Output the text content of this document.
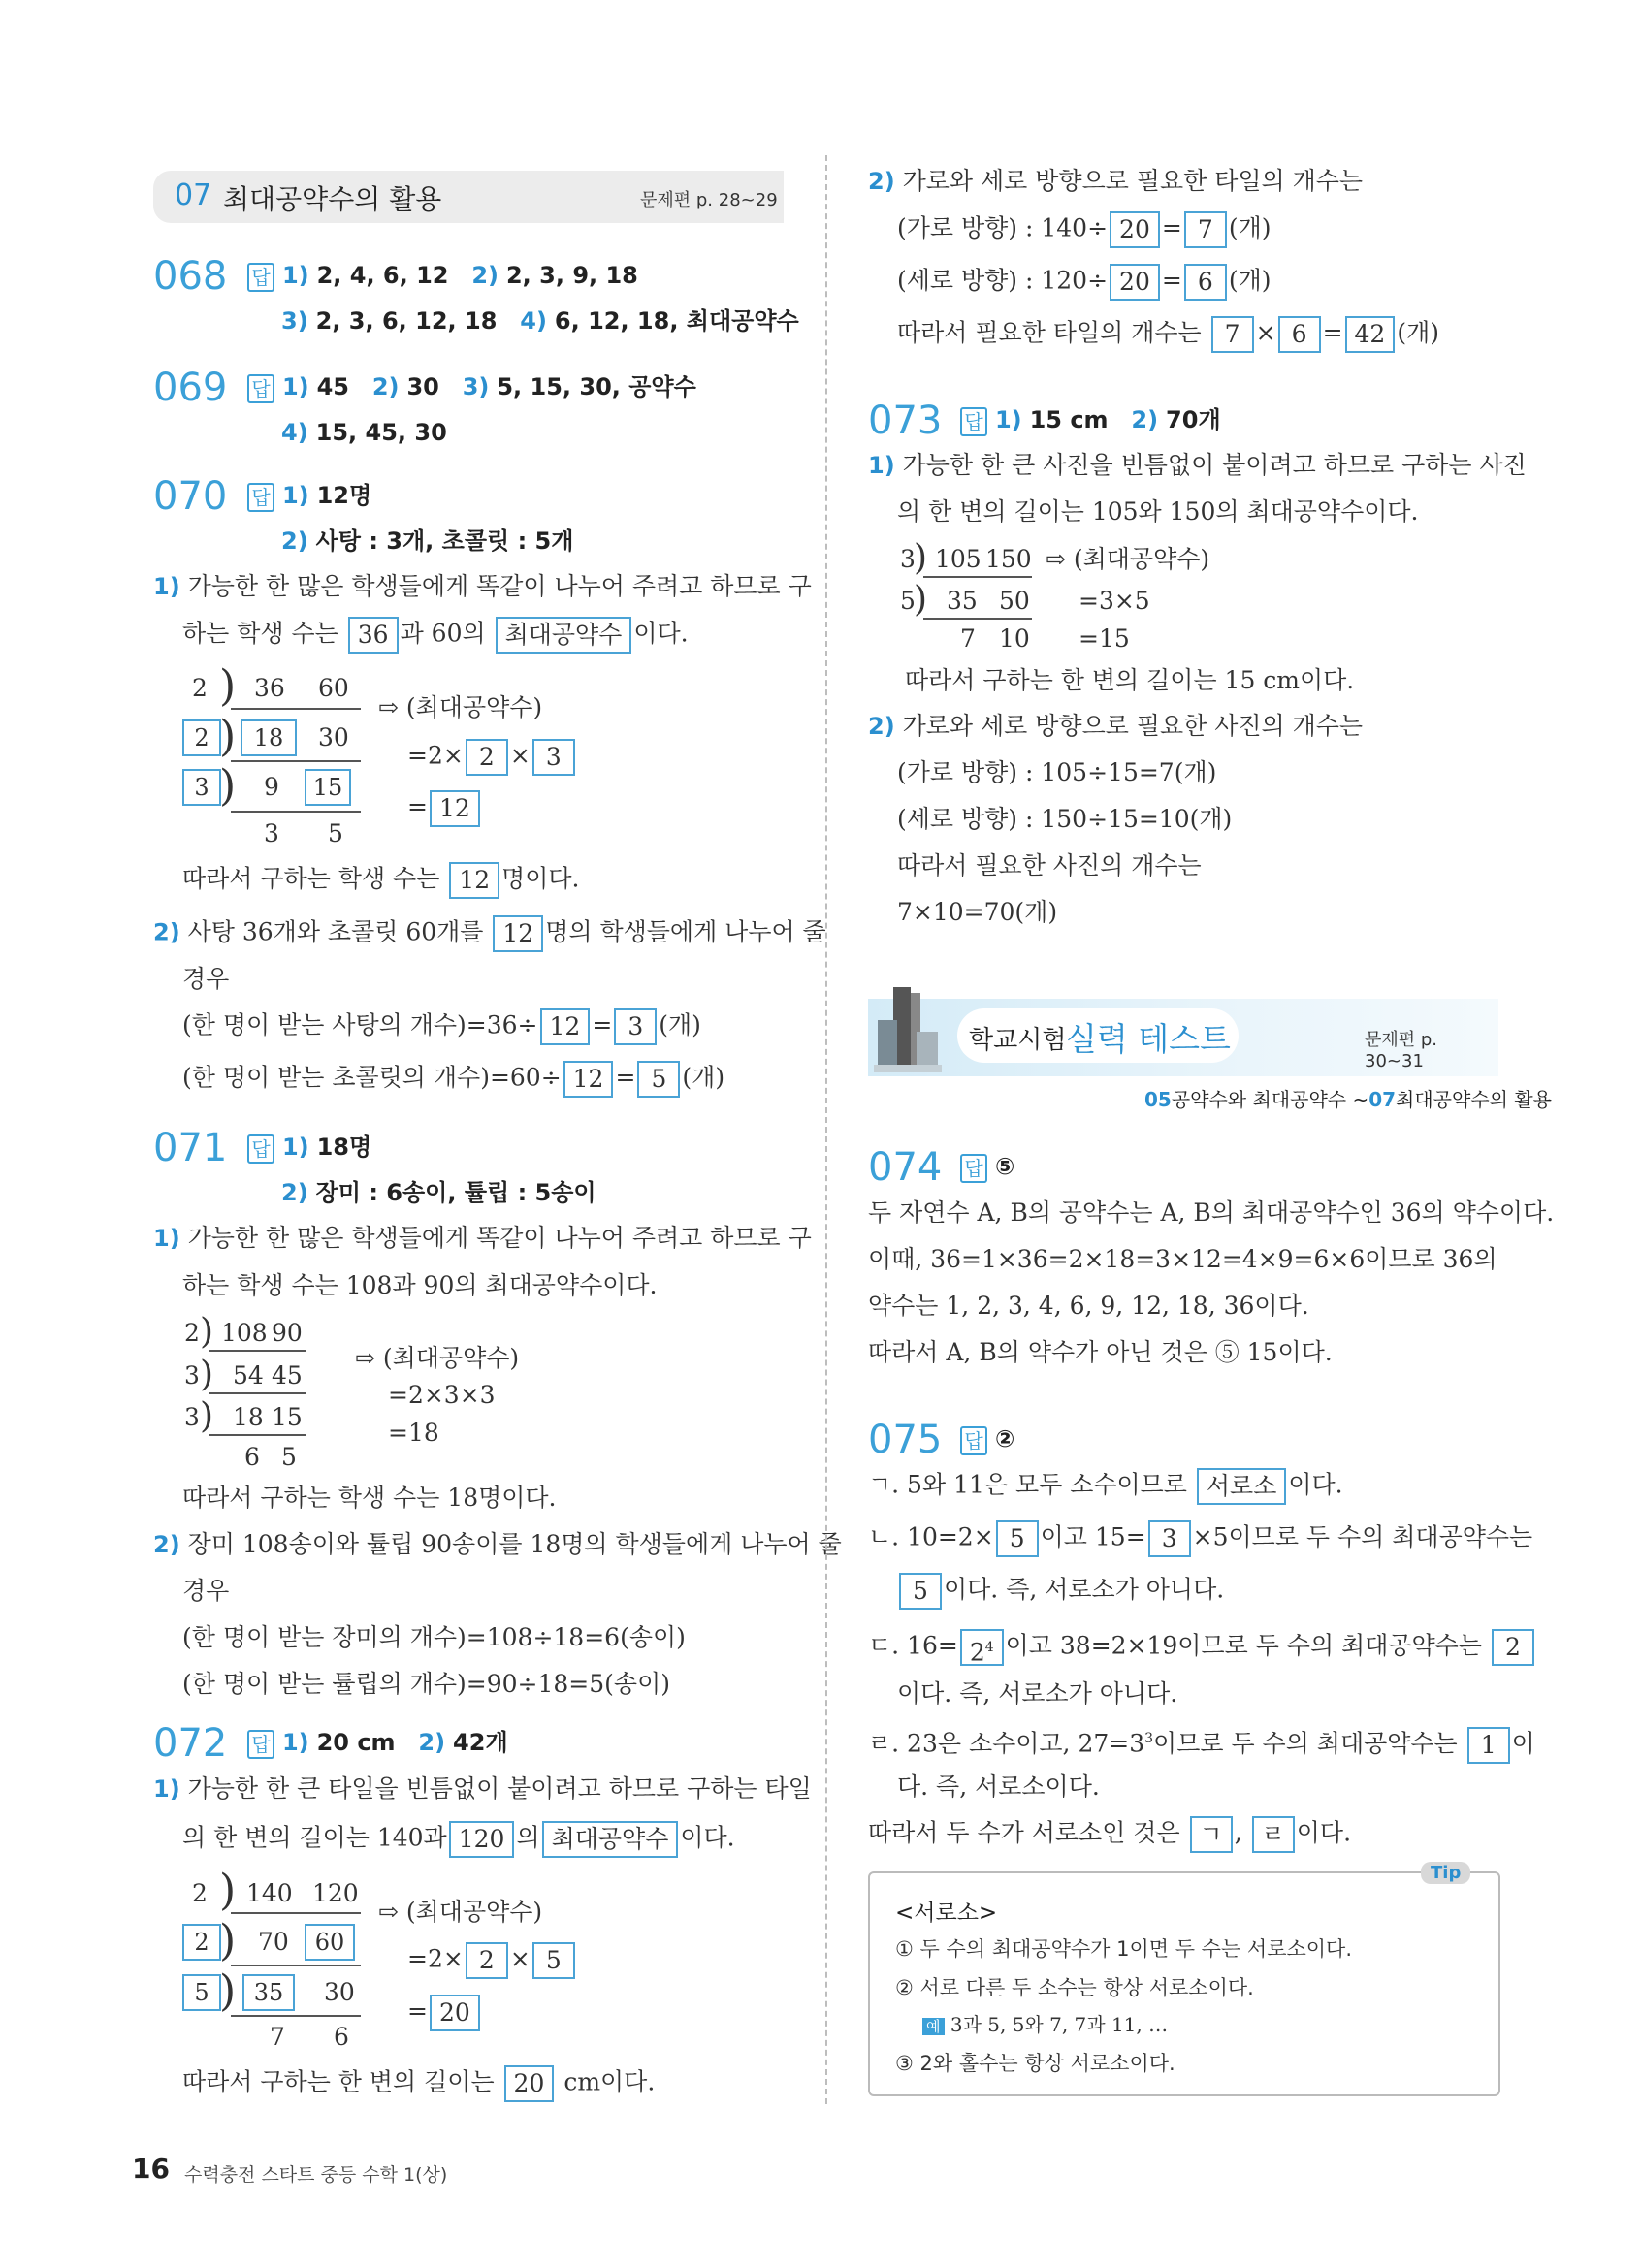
07 최대공약수의 활용	문제편 p. 28~29
068 답 1) 2, 4, 6, 12 2) 2, 3, 9, 18
3) 2, 3, 6, 12, 18 4) 6, 12, 18, 최대공약수
069 답 1) 45 2) 30 3) 5, 15, 30, 공약수
4) 15, 45, 30
070 답 1) 12명
2) 사탕 : 3개, 초콜릿 : 5개
1) 가능한 한 많은 학생들에게 똑같이 나누어 주려고 하므로 구
하는 학생 수는 36 과 60의 최대공약수 이다.
2 ) 36 60
2 ) 18	30
3 ) 9	15
3 5
⇨ (최대공약수)
=2× 2 × 3
= 12
따라서 구하는 학생 수는 12 명이다.
2) 사탕 36개와 초콜릿 60개를 12 명의 학생들에게 나누어 줄
경우
(한 명이 받는 사탕의 개수)=36÷ 12 = 3 (개)
(한 명이 받는 초콜릿의 개수)=60÷ 12 = 5 (개)
071 답 1) 18명
2) 장미 : 6송이, 튤립 : 5송이
1) 가능한 한 많은 학생들에게 똑같이 나누어 주려고 하므로 구
하는 학생 수는 108과 90의 최대공약수이다.
2 ) 108 90
3 ) 54 45
3 ) 18 15
6 5
⇨ (최대공약수)
=2×3×3
=18
따라서 구하는 학생 수는 18명이다.
2) 장미 108송이와 튤립 90송이를 18명의 학생들에게 나누어 줄
경우
(한 명이 받는 장미의 개수)=108÷18=6(송이)
(한 명이 받는 튤립의 개수)=90÷18=5(송이)
072 답 1) 20 cm 2) 42개
1) 가능한 한 큰 타일을 빈틈없이 붙이려고 하므로 구하는 타일
의 한 변의 길이는 140과 120 의 최대공약수 이다.
2 ) 140 120
2 ) 70	60
5 ) 35	30
7 6
⇨ (최대공약수)
=2× 2 × 5
= 20
따라서 구하는 한 변의 길이는 20 cm이다.
2) 가로와 세로 방향으로 필요한 타일의 개수는
(가로 방향) : 140÷ 20 = 7 (개)
(세로 방향) : 120÷ 20 = 6 (개)
따라서 필요한 타일의 개수는 7 × 6 = 42 (개)
073 답 1) 15 cm 2) 70개
1) 가능한 한 큰 사진을 빈틈없이 붙이려고 하므로 구하는 사진
의 한 변의 길이는 105와 150의 최대공약수이다.
3
) 105 150
5
) 35 50
7 10
⇨ (최대공약수)
=3×5
=15
따라서 구하는 한 변의 길이는 15 cm이다.
2) 가로와 세로 방향으로 필요한 사진의 개수는
(가로 방향) : 105÷15=7(개)
(세로 방향) : 150÷15=10(개)
따라서 필요한 사진의 개수는
7×10=70(개)
학교시험 실력 테스트	문제편 p. 30~31
05공약수와 최대공약수 ~07최대공약수의 활용
074 답 ⑤
두 자연수 A, B의 공약수는 A, B의 최대공약수인 36의 약수이다.
이때, 36=1×36=2×18=3×12=4×9=6×6이므로 36의
약수는 1, 2, 3, 4, 6, 9, 12, 18, 36이다.
따라서 A, B의 약수가 아닌 것은 ⑤ 15이다.
075 답 ②
ㄱ. 5와 11은 모두 소수이므로 서로소 이다.
ㄴ. 10=2× 5 이고 15= 3 ×5이므로 두 수의 최대공약수는
5 이다. 즉, 서로소가 아니다.
ㄷ. $16= 2^4$ 이고 38=2×19이므로 두 수의 최대공약수는 2
이다. 즉, 서로소가 아니다.
ㄹ. 23은 소수이고, $27=3^3$이므로 두 수의 최대공약수는 1 이
다. 즉, 서로소이다.
따라서 두 수가 서로소인 것은 ㄱ , ㄹ 이다.
Tip
<서로소>
① 두 수의 최대공약수가 1이면 두 수는 서로소이다.
② 서로 다른 두 소수는 항상 서로소이다.
예 3과 5, 5와 7, 7과 11, …
③ 2와 홀수는 항상 서로소이다.
16 수력충전 스타트 중등 수학 1(상)
